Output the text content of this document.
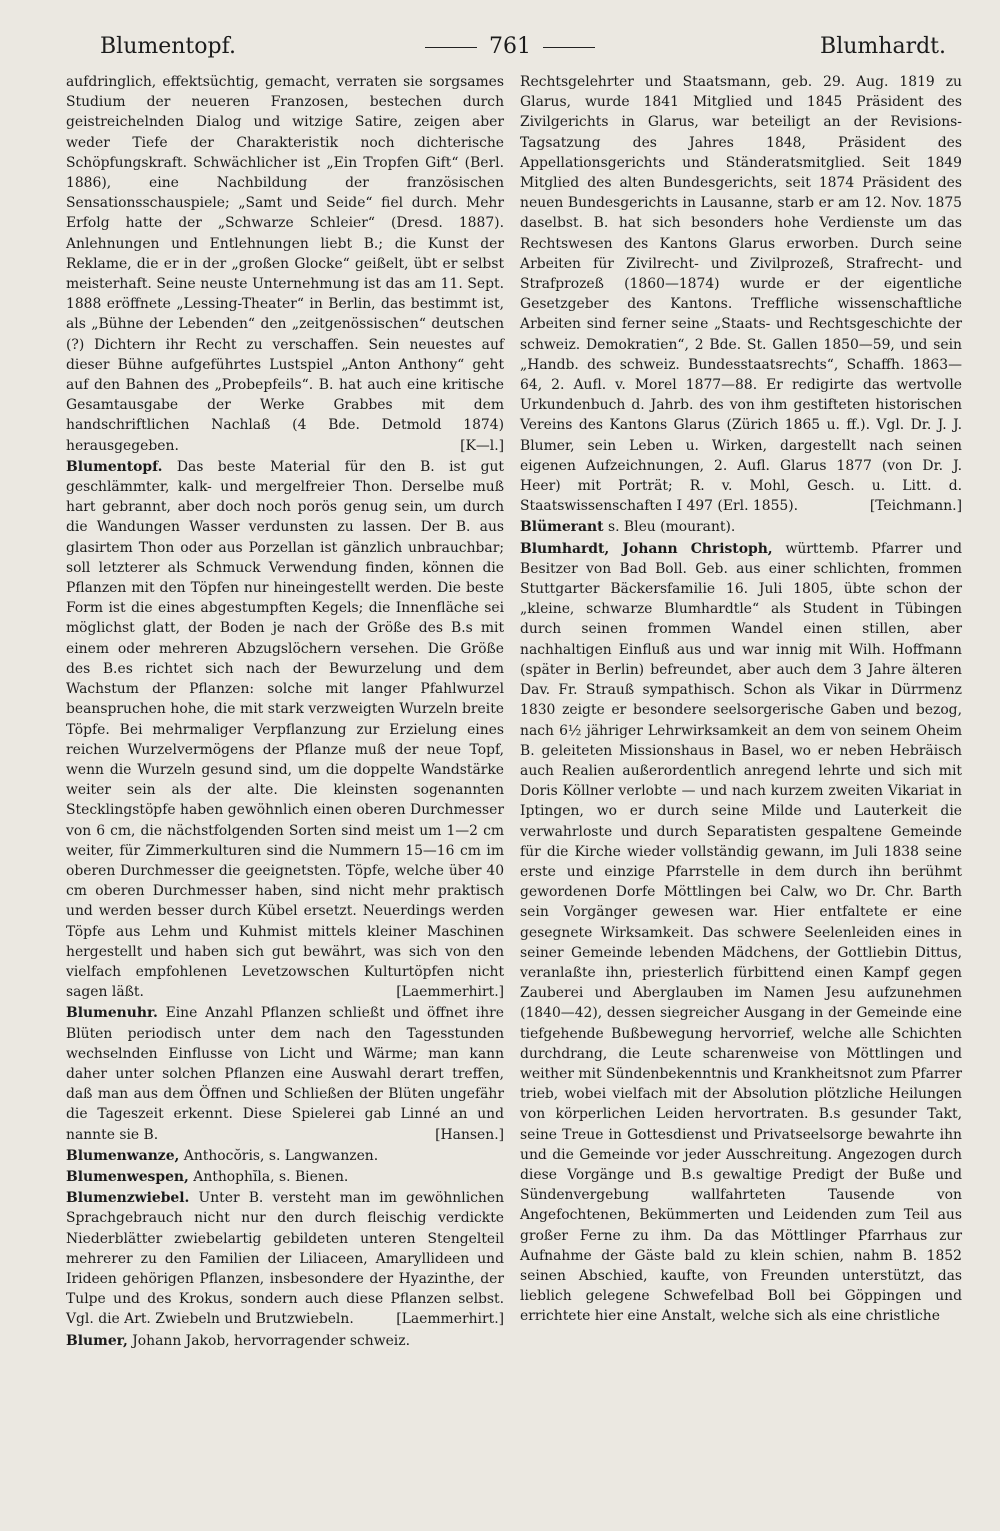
Blumentopf.	761	Blumhardt.

aufdringlich, effektsüchtig, gemacht, verraten sie sorgsames Studium der neueren Franzosen, bestechen durch geistreichelnden Dialog und witzige Satire, zeigen aber weder Tiefe der Charakteristik noch dichterische Schöpfungskraft. Schwächlicher ist „Ein Tropfen Gift“ (Berl. 1886), eine Nachbildung der französischen Sensationsschauspiele; „Samt und Seide“ fiel durch. Mehr Erfolg hatte der „Schwarze Schleier“ (Dresd. 1887). Anlehnungen und Entlehnungen liebt B.; die Kunst der Reklame, die er in der „großen Glocke“ geißelt, übt er selbst meisterhaft. Seine neuste Unternehmung ist das am 11. Sept. 1888 eröffnete „Lessing-Theater“ in Berlin, das bestimmt ist, als „Bühne der Lebenden“ den „zeitgenössischen“ deutschen (?) Dichtern ihr Recht zu verschaffen. Sein neuestes auf dieser Bühne aufgeführtes Lustspiel „Anton Anthony“ geht auf den Bahnen des „Probepfeils“. B. hat auch eine kritische Gesamtausgabe der Werke Grabbes mit dem handschriftlichen Nachlaß (4 Bde. Detmold 1874) herausgegeben.	[K—l.]

Blumentopf. Das beste Material für den B. ist gut geschlämmter, kalk- und mergelfreier Thon. Derselbe muß hart gebrannt, aber doch noch porös genug sein, um durch die Wandungen Wasser verdunsten zu lassen. Der B. aus glasirtem Thon oder aus Porzellan ist gänzlich unbrauchbar; soll letzterer als Schmuck Verwendung finden, können die Pflanzen mit den Töpfen nur hineingestellt werden. Die beste Form ist die eines abgestumpften Kegels; die Innenfläche sei möglichst glatt, der Boden je nach der Größe des B.s mit einem oder mehreren Abzugslöchern versehen. Die Größe des B.es richtet sich nach der Bewurzelung und dem Wachstum der Pflanzen: solche mit langer Pfahlwurzel beanspruchen hohe, die mit stark verzweigten Wurzeln breite Töpfe. Bei mehrmaliger Verpflanzung zur Erzielung eines reichen Wurzelvermögens der Pflanze muß der neue Topf, wenn die Wurzeln gesund sind, um die doppelte Wandstärke weiter sein als der alte. Die kleinsten sogenannten Stecklingstöpfe haben gewöhnlich einen oberen Durchmesser von 6 cm, die nächstfolgenden Sorten sind meist um 1—2 cm weiter, für Zimmerkulturen sind die Nummern 15—16 cm im oberen Durchmesser die geeignetsten. Töpfe, welche über 40 cm oberen Durchmesser haben, sind nicht mehr praktisch und werden besser durch Kübel ersetzt. Neuerdings werden Töpfe aus Lehm und Kuhmist mittels kleiner Maschinen hergestellt und haben sich gut bewährt, was sich von den vielfach empfohlenen Levetzowschen Kulturtöpfen nicht sagen läßt.	[Laemmerhirt.]

Blumenuhr. Eine Anzahl Pflanzen schließt und öffnet ihre Blüten periodisch unter dem nach den Tagesstunden wechselnden Einflusse von Licht und Wärme; man kann daher unter solchen Pflanzen eine Auswahl derart treffen, daß man aus dem Öffnen und Schließen der Blüten ungefähr die Tageszeit erkennt. Diese Spielerei gab Linné an und nannte sie B.	[Hansen.]

Blumenwanze, Anthocŏris, s. Langwanzen.

Blumenwespen, Anthophĭla, s. Bienen.

Blumenzwiebel. Unter B. versteht man im gewöhnlichen Sprachgebrauch nicht nur den durch fleischig verdickte Niederblätter zwiebelartig gebildeten unteren Stengelteil mehrerer zu den Familien der Liliaceen, Amaryllideen und Irideen gehörigen Pflanzen, insbesondere der Hyazinthe, der Tulpe und des Krokus, sondern auch diese Pflanzen selbst. Vgl. die Art. Zwiebeln und Brutzwiebeln.	[Laemmerhirt.]

Blumer, Johann Jakob, hervorragender schweiz.

Rechtsgelehrter und Staatsmann, geb. 29. Aug. 1819 zu Glarus, wurde 1841 Mitglied und 1845 Präsident des Zivilgerichts in Glarus, war beteiligt an der Revisions-Tagsatzung des Jahres 1848, Präsident des Appellationsgerichts und Ständeratsmitglied. Seit 1849 Mitglied des alten Bundesgerichts, seit 1874 Präsident des neuen Bundesgerichts in Lausanne, starb er am 12. Nov. 1875 daselbst. B. hat sich besonders hohe Verdienste um das Rechtswesen des Kantons Glarus erworben. Durch seine Arbeiten für Zivilrecht- und Zivilprozeß, Strafrecht- und Strafprozeß (1860—1874) wurde er der eigentliche Gesetzgeber des Kantons. Treffliche wissenschaftliche Arbeiten sind ferner seine „Staats- und Rechtsgeschichte der schweiz. Demokratien“, 2 Bde. St. Gallen 1850—59, und sein „Handb. des schweiz. Bundesstaatsrechts“, Schaffh. 1863—64, 2. Aufl. v. Morel 1877—88. Er redigirte das wertvolle Urkundenbuch d. Jahrb. des von ihm gestifteten historischen Vereins des Kantons Glarus (Zürich 1865 u. ff.). Vgl. Dr. J. J. Blumer, sein Leben u. Wirken, dargestellt nach seinen eigenen Aufzeichnungen, 2. Aufl. Glarus 1877 (von Dr. J. Heer) mit Porträt; R. v. Mohl, Gesch. u. Litt. d. Staatswissenschaften I 497 (Erl. 1855).	[Teichmann.]

Blümerant s. Bleu (mourant).

Blumhardt, Johann Christoph, württemb. Pfarrer und Besitzer von Bad Boll. Geb. aus einer schlichten, frommen Stuttgarter Bäckersfamilie 16. Juli 1805, übte schon der „kleine, schwarze Blumhardtle“ als Student in Tübingen durch seinen frommen Wandel einen stillen, aber nachhaltigen Einfluß aus und war innig mit Wilh. Hoffmann (später in Berlin) befreundet, aber auch dem 3 Jahre älteren Dav. Fr. Strauß sympathisch. Schon als Vikar in Dürrmenz 1830 zeigte er besondere seelsorgerische Gaben und bezog, nach 6½ jähriger Lehrwirksamkeit an dem von seinem Oheim B. geleiteten Missionshaus in Basel, wo er neben Hebräisch auch Realien außerordentlich anregend lehrte und sich mit Doris Köllner verlobte — und nach kurzem zweiten Vikariat in Iptingen, wo er durch seine Milde und Lauterkeit die verwahrloste und durch Separatisten gespaltene Gemeinde für die Kirche wieder vollständig gewann, im Juli 1838 seine erste und einzige Pfarrstelle in dem durch ihn berühmt gewordenen Dorfe Möttlingen bei Calw, wo Dr. Chr. Barth sein Vorgänger gewesen war. Hier entfaltete er eine gesegnete Wirksamkeit. Das schwere Seelenleiden eines in seiner Gemeinde lebenden Mädchens, der Gottliebin Dittus, veranlaßte ihn, priesterlich fürbittend einen Kampf gegen Zauberei und Aberglauben im Namen Jesu aufzunehmen (1840—42), dessen siegreicher Ausgang in der Gemeinde eine tiefgehende Bußbewegung hervorrief, welche alle Schichten durchdrang, die Leute scharenweise von Möttlingen und weither mit Sündenbekenntnis und Krankheitsnot zum Pfarrer trieb, wobei vielfach mit der Absolution plötzliche Heilungen von körperlichen Leiden hervortraten. B.s gesunder Takt, seine Treue in Gottesdienst und Privatseelsorge bewahrte ihn und die Gemeinde vor jeder Ausschreitung. Angezogen durch diese Vorgänge und B.s gewaltige Predigt der Buße und Sündenvergebung wallfahrteten Tausende von Angefochtenen, Bekümmerten und Leidenden zum Teil aus großer Ferne zu ihm. Da das Möttlinger Pfarrhaus zur Aufnahme der Gäste bald zu klein schien, nahm B. 1852 seinen Abschied, kaufte, von Freunden unterstützt, das lieblich gelegene Schwefelbad Boll bei Göppingen und errichtete hier eine Anstalt, welche sich als eine christliche
